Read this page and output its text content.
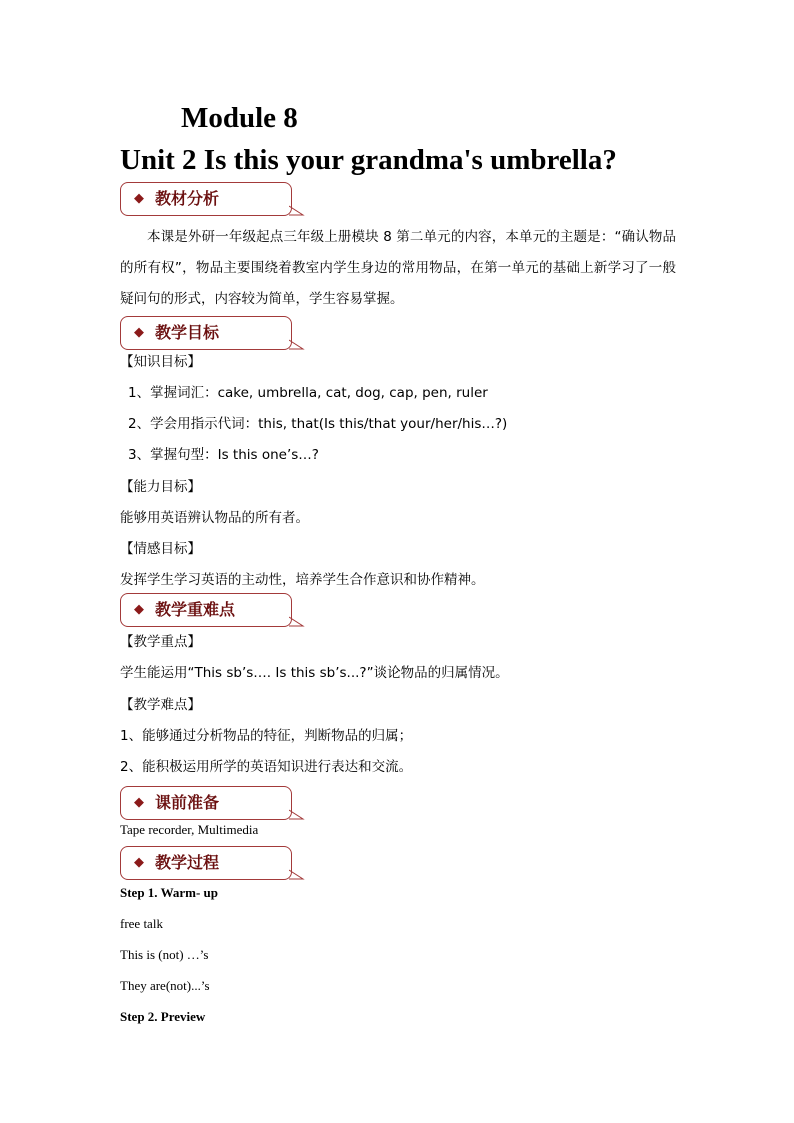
Module 8
Unit 2 Is this your grandma's umbrella?
◆ 教材分析

本课是外研一年级起点三年级上册模块 8 第二单元的内容，本单元的主题是：“确认物品的所有权”，物品主要围绕着教室内学生身边的常用物品，在第一单元的基础上新学习了一般疑问句的形式，内容较为简单，学生容易掌握。

◆ 教学目标

【知识目标】

1、掌握词汇：cake, umbrella, cat, dog, cap, pen, ruler

2、学会用指示代词：this, that(Is this/that your/her/his…?)

3、掌握句型：Is this one’s…?

【能力目标】

能够用英语辨认物品的所有者。

【情感目标】

发挥学生学习英语的主动性，培养学生合作意识和协作精神。

◆ 教学重难点

【教学重点】

学生能运用“This sb’s…. Is this sb’s...?”谈论物品的归属情况。

【教学难点】

1、能够通过分析物品的特征，判断物品的归属；

2、能积极运用所学的英语知识进行表达和交流。

◆ 课前准备

Tape recorder, Multimedia

◆ 教学过程

Step 1. Warm- up

free talk

This is (not) …’s

They are(not)...’s

Step 2. Preview
